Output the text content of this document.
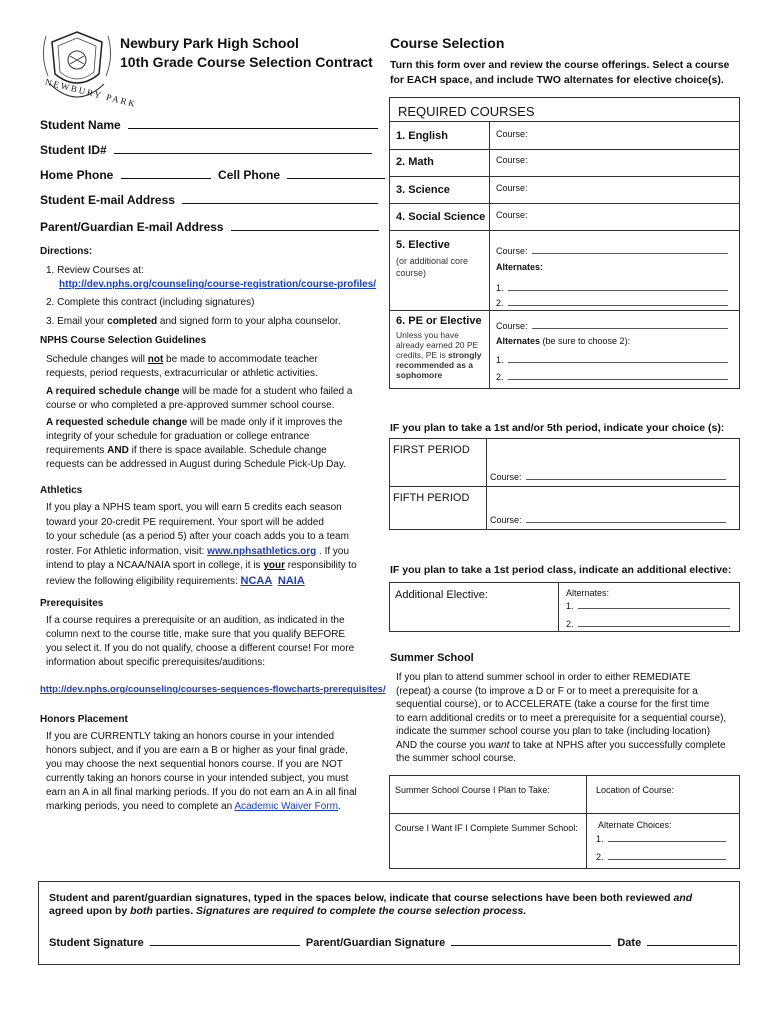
NEWBURY PARK
Newbury Park High School
10th Grade Course Selection Contract
Student Name
Student ID#
Home Phone	Cell Phone
Student E-mail Address
Parent/Guardian E-mail Address
Directions:
1. Review Courses at:
http://dev.nphs.org/counseling/course-registration/course-profiles/
2. Complete this contract (including signatures)
3. Email your completed and signed form to your alpha counselor.
NPHS Course Selection Guidelines
Schedule changes will not be made to accommodate teacher
requests, period requests, extracurricular or athletic activities.
A required schedule change will be made for a student who failed a
course or who completed a pre-approved summer school course.
A requested schedule change will be made only if it improves the
integrity of your schedule for graduation or college entrance
requirements AND if there is space available. Schedule change
requests can be addressed in August during Schedule Pick-Up Day.
Athletics
If you play a NPHS team sport, you will earn 5 credits each season
toward your 20-credit PE requirement. Your sport will be added
to your schedule (as a period 5) after your coach adds you to a team
roster. For Athletic information, visit: www.nphsathletics.org . If you
intend to play a NCAA/NAIA sport in college, it is your responsibility to
review the following eligibility requirements: NCAA NAIA
Prerequisites
If a course requires a prerequisite or an audition, as indicated in the
column next to the course title, make sure that you qualify BEFORE
you select it. If you do not qualify, choose a different course! For more
information about specific prerequisites/auditions:
http://dev.nphs.org/counseling/courses-sequences-flowcharts-prerequisites/
Honors Placement
If you are CURRENTLY taking an honors course in your intended
honors subject, and if you are earn a B or higher as your final grade,
you may choose the next sequential honors course. If you are NOT
currently taking an honors course in your intended subject, you must
earn an A in all final marking periods. If you do not earn an A in all final
marking periods, you need to complete an Academic Waiver Form.
Course Selection
Turn this form over and review the course offerings. Select a course
for EACH space, and include TWO alternates for elective choice(s).
REQUIRED COURSES
1. English	Course:
2. Math	Course:
3. Science	Course:
4. Social Science Course:
5. Elective
(or additional core
course)
Course:
Alternates:
1.
2.
6. PE or Elective
Unless you have
already earned 20 PE
credits, PE is strongly
recommended as a
sophomore
Course:
Alternates (be sure to choose 2):
1.
2.
IF you plan to take a 1st and/or 5th period, indicate your choice (s):
FIRST PERIOD
Course:
FIFTH PERIOD
Course:
IF you plan to take a 1st period class, indicate an additional elective:
Additional Elective:	Alternates:
1.
2.
Summer School
If you plan to attend summer school in order to either REMEDIATE
(repeat) a course (to improve a D or F or to meet a prerequisite for a
sequential course), or to ACCELERATE (take a course for the first time
to earn additional credits or to meet a prerequisite for a sequential course),
indicate the summer school course you plan to take (including location)
AND the course you want to take at NPHS after you successfully complete
the summer school course.
Summer School Course I Plan to Take:	Location of Course:
Course I Want IF I Complete Summer School: Alternate Choices:
1.
2.
Student and parent/guardian signatures, typed in the spaces below, indicate that course selections have been both reviewed and
agreed upon by both parties. Signatures are required to complete the course selection process.
Student Signature	Parent/Guardian Signature	Date
